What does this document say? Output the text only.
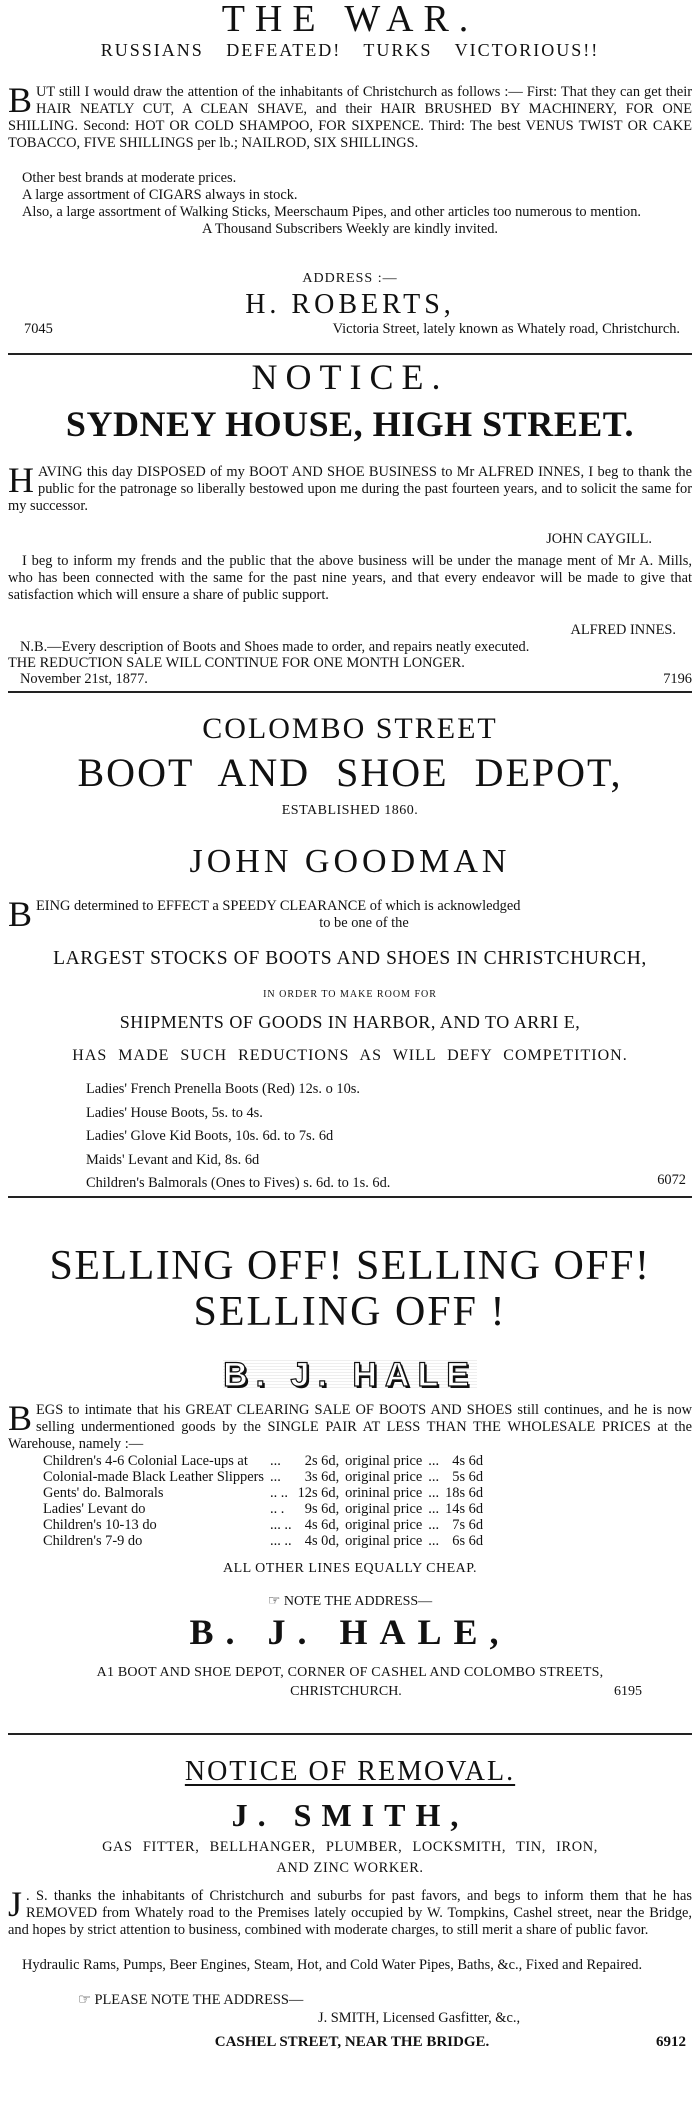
THE WAR.
RUSSIANS DEFEATED! TURKS VICTORIOUS!!
B UT still I would draw the attention of the inhabitants of Christchurch as follows :— First: That they can get their HAIR NEATLY CUT, A CLEAN SHAVE, and their HAIR BRUSHED BY MACHINERY, FOR ONE SHILLING. Second: HOT OR COLD SHAMPOO, FOR SIXPENCE. Third: The best VENUS TWIST OR CAKE TOBACCO, FIVE SHILLINGS per lb.; NAILROD, SIX SHILLINGS.
Other best brands at moderate prices.
A large assortment of CIGARS always in stock.
Also, a large assortment of Walking Sticks, Meerschaum Pipes, and other articles too numerous to mention.
A Thousand Subscribers Weekly are kindly invited.
ADDRESS :—
H. ROBERTS,
7045	Victoria Street, lately known as Whately road, Christchurch.
NOTICE.
SYDNEY HOUSE, HIGH STREET.
H AVING this day DISPOSED of my BOOT AND SHOE BUSINESS to Mr ALFRED INNES, I beg to thank the public for the patronage so liberally bestowed upon me during the past fourteen years, and to solicit the same for my successor.
JOHN CAYGILL.
I beg to inform my frends and the public that the above business will be under the manage ment of Mr A. Mills, who has been connected with the same for the past nine years, and that every endeavor will be made to give that satisfaction which will ensure a share of public support.
ALFRED INNES.
N.B.—Every description of Boots and Shoes made to order, and repairs neatly executed.
THE REDUCTION SALE WILL CONTINUE FOR ONE MONTH LONGER.
November 21st, 1877.	7196
COLOMBO STREET
BOOT AND SHOE DEPOT,
ESTABLISHED 1860.
JOHN GOODMAN
B EING determined to EFFECT a SPEEDY CLEARANCE of which is acknowledged
to be one of the
LARGEST STOCKS OF BOOTS AND SHOES IN CHRISTCHURCH,
IN ORDER TO MAKE ROOM FOR
SHIPMENTS OF GOODS IN HARBOR, AND TO ARRI E,
HAS MADE SUCH REDUCTIONS AS WILL DEFY COMPETITION.
Ladies' French Prenella Boots (Red) 12s. o 10s.
Ladies' House Boots, 5s. to 4s.
Ladies' Glove Kid Boots, 10s. 6d. to 7s. 6d
Maids' Levant and Kid, 8s. 6d
Children's Balmorals (Ones to Fives) s. 6d. to 1s. 6d.	6072
SELLING OFF! SELLING OFF!
SELLING OFF !
B. J. HALE
B EGS to intimate that his GREAT CLEARING SALE OF BOOTS AND SHOES still continues, and he is now selling undermentioned goods by the SINGLE PAIR AT LESS THAN THE WHOLESALE PRICES at the Warehouse, namely :—
Children's 4-6 Colonial Lace-ups at	...	2s 6d,	original price	...	4s 6d
Colonial-made Black Leather Slippers	...	3s 6d,	original price	...	5s 6d
Gents' do. Balmorals	.. ..	12s 6d,	orininal price	...	18s 6d
Ladies' Levant do	.. .	9s 6d,	original price	...	14s 6d
Children's 10-13 do	... ..	4s 6d,	original price	...	7s 6d
Children's 7-9 do	... ..	4s 0d,	original price	...	6s 6d
ALL OTHER LINES EQUALLY CHEAP.
☞ NOTE THE ADDRESS—
B. J. HALE,
A1 BOOT AND SHOE DEPOT, CORNER OF CASHEL AND COLOMBO STREETS,
CHRISTCHURCH.	6195
NOTICE OF REMOVAL.
J. SMITH,
GAS FITTER, BELLHANGER, PLUMBER, LOCKSMITH, TIN, IRON,
AND ZINC WORKER.
J . S. thanks the inhabitants of Christchurch and suburbs for past favors, and begs to inform them that he has REMOVED from Whately road to the Premises lately occupied by W. Tompkins, Cashel street, near the Bridge, and hopes by strict attention to business, combined with moderate charges, to still merit a share of public favor.
Hydraulic Rams, Pumps, Beer Engines, Steam, Hot, and Cold Water Pipes, Baths, &c., Fixed and Repaired.
☞ PLEASE NOTE THE ADDRESS—
J. SMITH, Licensed Gasfitter, &c.,
CASHEL STREET, NEAR THE BRIDGE.	6912
